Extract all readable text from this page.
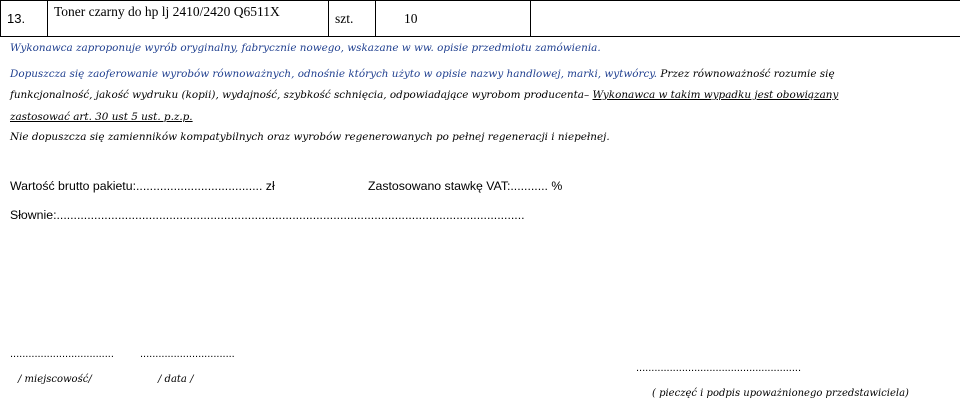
13.	Toner czarny do hp lj 2410/2420 Q6511X	szt.	10	

Wykonawca zaproponuje wyrób oryginalny, fabrycznie nowego, wskazane w ww. opisie przedmiotu zamówienia.

Dopuszcza się zaoferowanie wyrobów równoważnych, odnośnie których użyto w opisie nazwy handlowej, marki, wytwórcy. Przez równoważność rozumie się

funkcjonalność, jakość wydruku (kopii), wydajność, szybkość schnięcia, odpowiadające wyrobom producenta– Wykonawca w takim wypadku jest obowiązany

zastosować art. 30 ust 5 ust. p.z.p.

Nie dopuszcza się zamienników kompatybilnych oraz wyrobów regenerowanych po pełnej regeneracji i niepełnej.

Wartość brutto pakietu:..................................... zł	Zastosowano stawkę VAT:........... %

Słownie:.........................................................................................................................................

.................................. ...............................

/ miejscowość/	/ data /

......................................................

( pieczęć i podpis upoważnionego przedstawiciela)
